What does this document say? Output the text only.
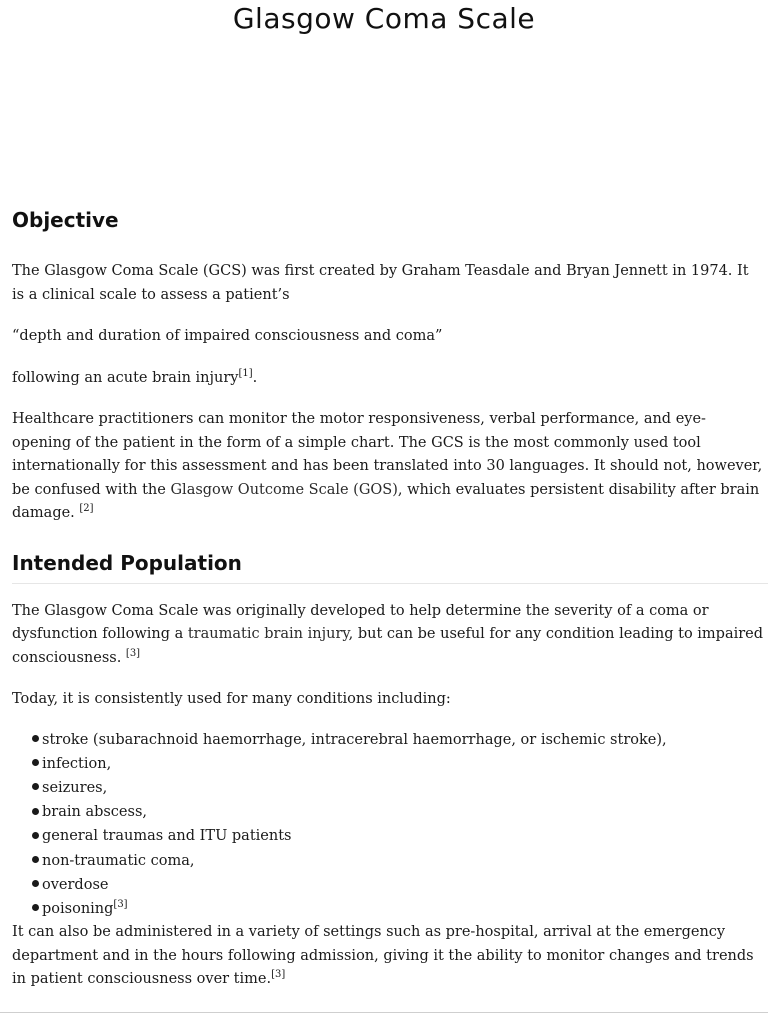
Glasgow Coma Scale
Objective

The Glasgow Coma Scale (GCS) was first created by Graham Teasdale and Bryan Jennett in 1974. It is a clinical scale to assess a patient’s

“depth and duration of impaired consciousness and coma”

following an acute brain injury[1].

Healthcare practitioners can monitor the motor responsiveness, verbal performance, and eye-opening of the patient in the form of a simple chart. The GCS is the most commonly used tool internationally for this assessment and has been translated into 30 languages. It should not, however, be confused with the Glasgow Outcome Scale (GOS), which evaluates persistent disability after brain damage. [2]

Intended Population

The Glasgow Coma Scale was originally developed to help determine the severity of a coma or dysfunction following a traumatic brain injury, but can be useful for any condition leading to impaired consciousness. [3]

Today, it is consistently used for many conditions including:

stroke (subarachnoid haemorrhage, intracerebral haemorrhage, or ischemic stroke),
infection,
seizures,
brain abscess,
general traumas and ITU patients
non-traumatic coma,
overdose
poisoning[3]

It can also be administered in a variety of settings such as pre-hospital, arrival at the emergency department and in the hours following admission, giving it the ability to monitor changes and trends in patient consciousness over time.[3]
